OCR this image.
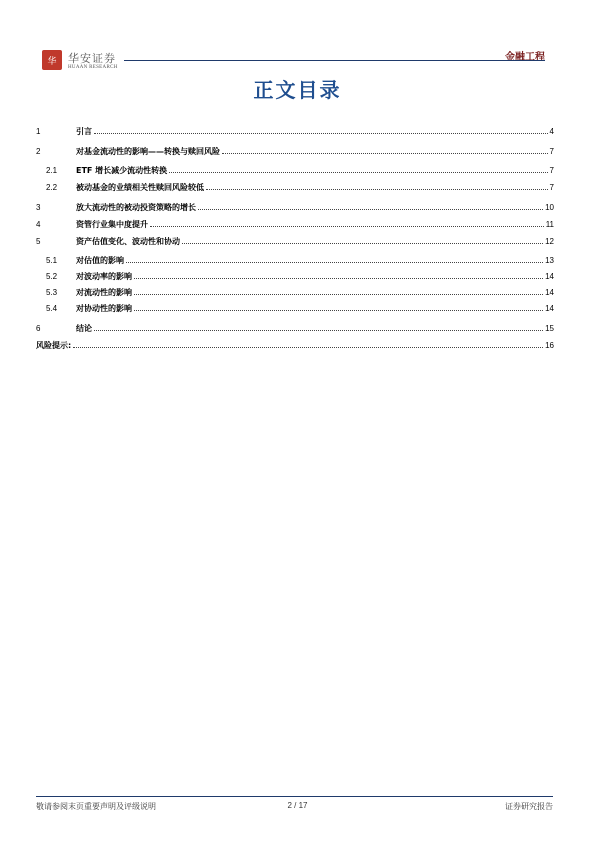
华	华安证券
HUAAN RESEARCH
金融工程
正文目录
1	引言	4
2	对基金流动性的影响——转换与赎回风险	7
2.1	ETF 增长减少流动性转换	7
2.2	被动基金的业绩相关性赎回风险较低	7
3	放大流动性的被动投资策略的增长	10
4	资管行业集中度提升	11
5	资产估值变化、波动性和协动	12
5.1	对估值的影响	13
5.2	对波动率的影响	14
5.3	对流动性的影响	14
5.4	对协动性的影响	14
6	结论	15
风险提示:	16
敬请参阅末页重要声明及评级说明	2 / 17	证券研究报告
